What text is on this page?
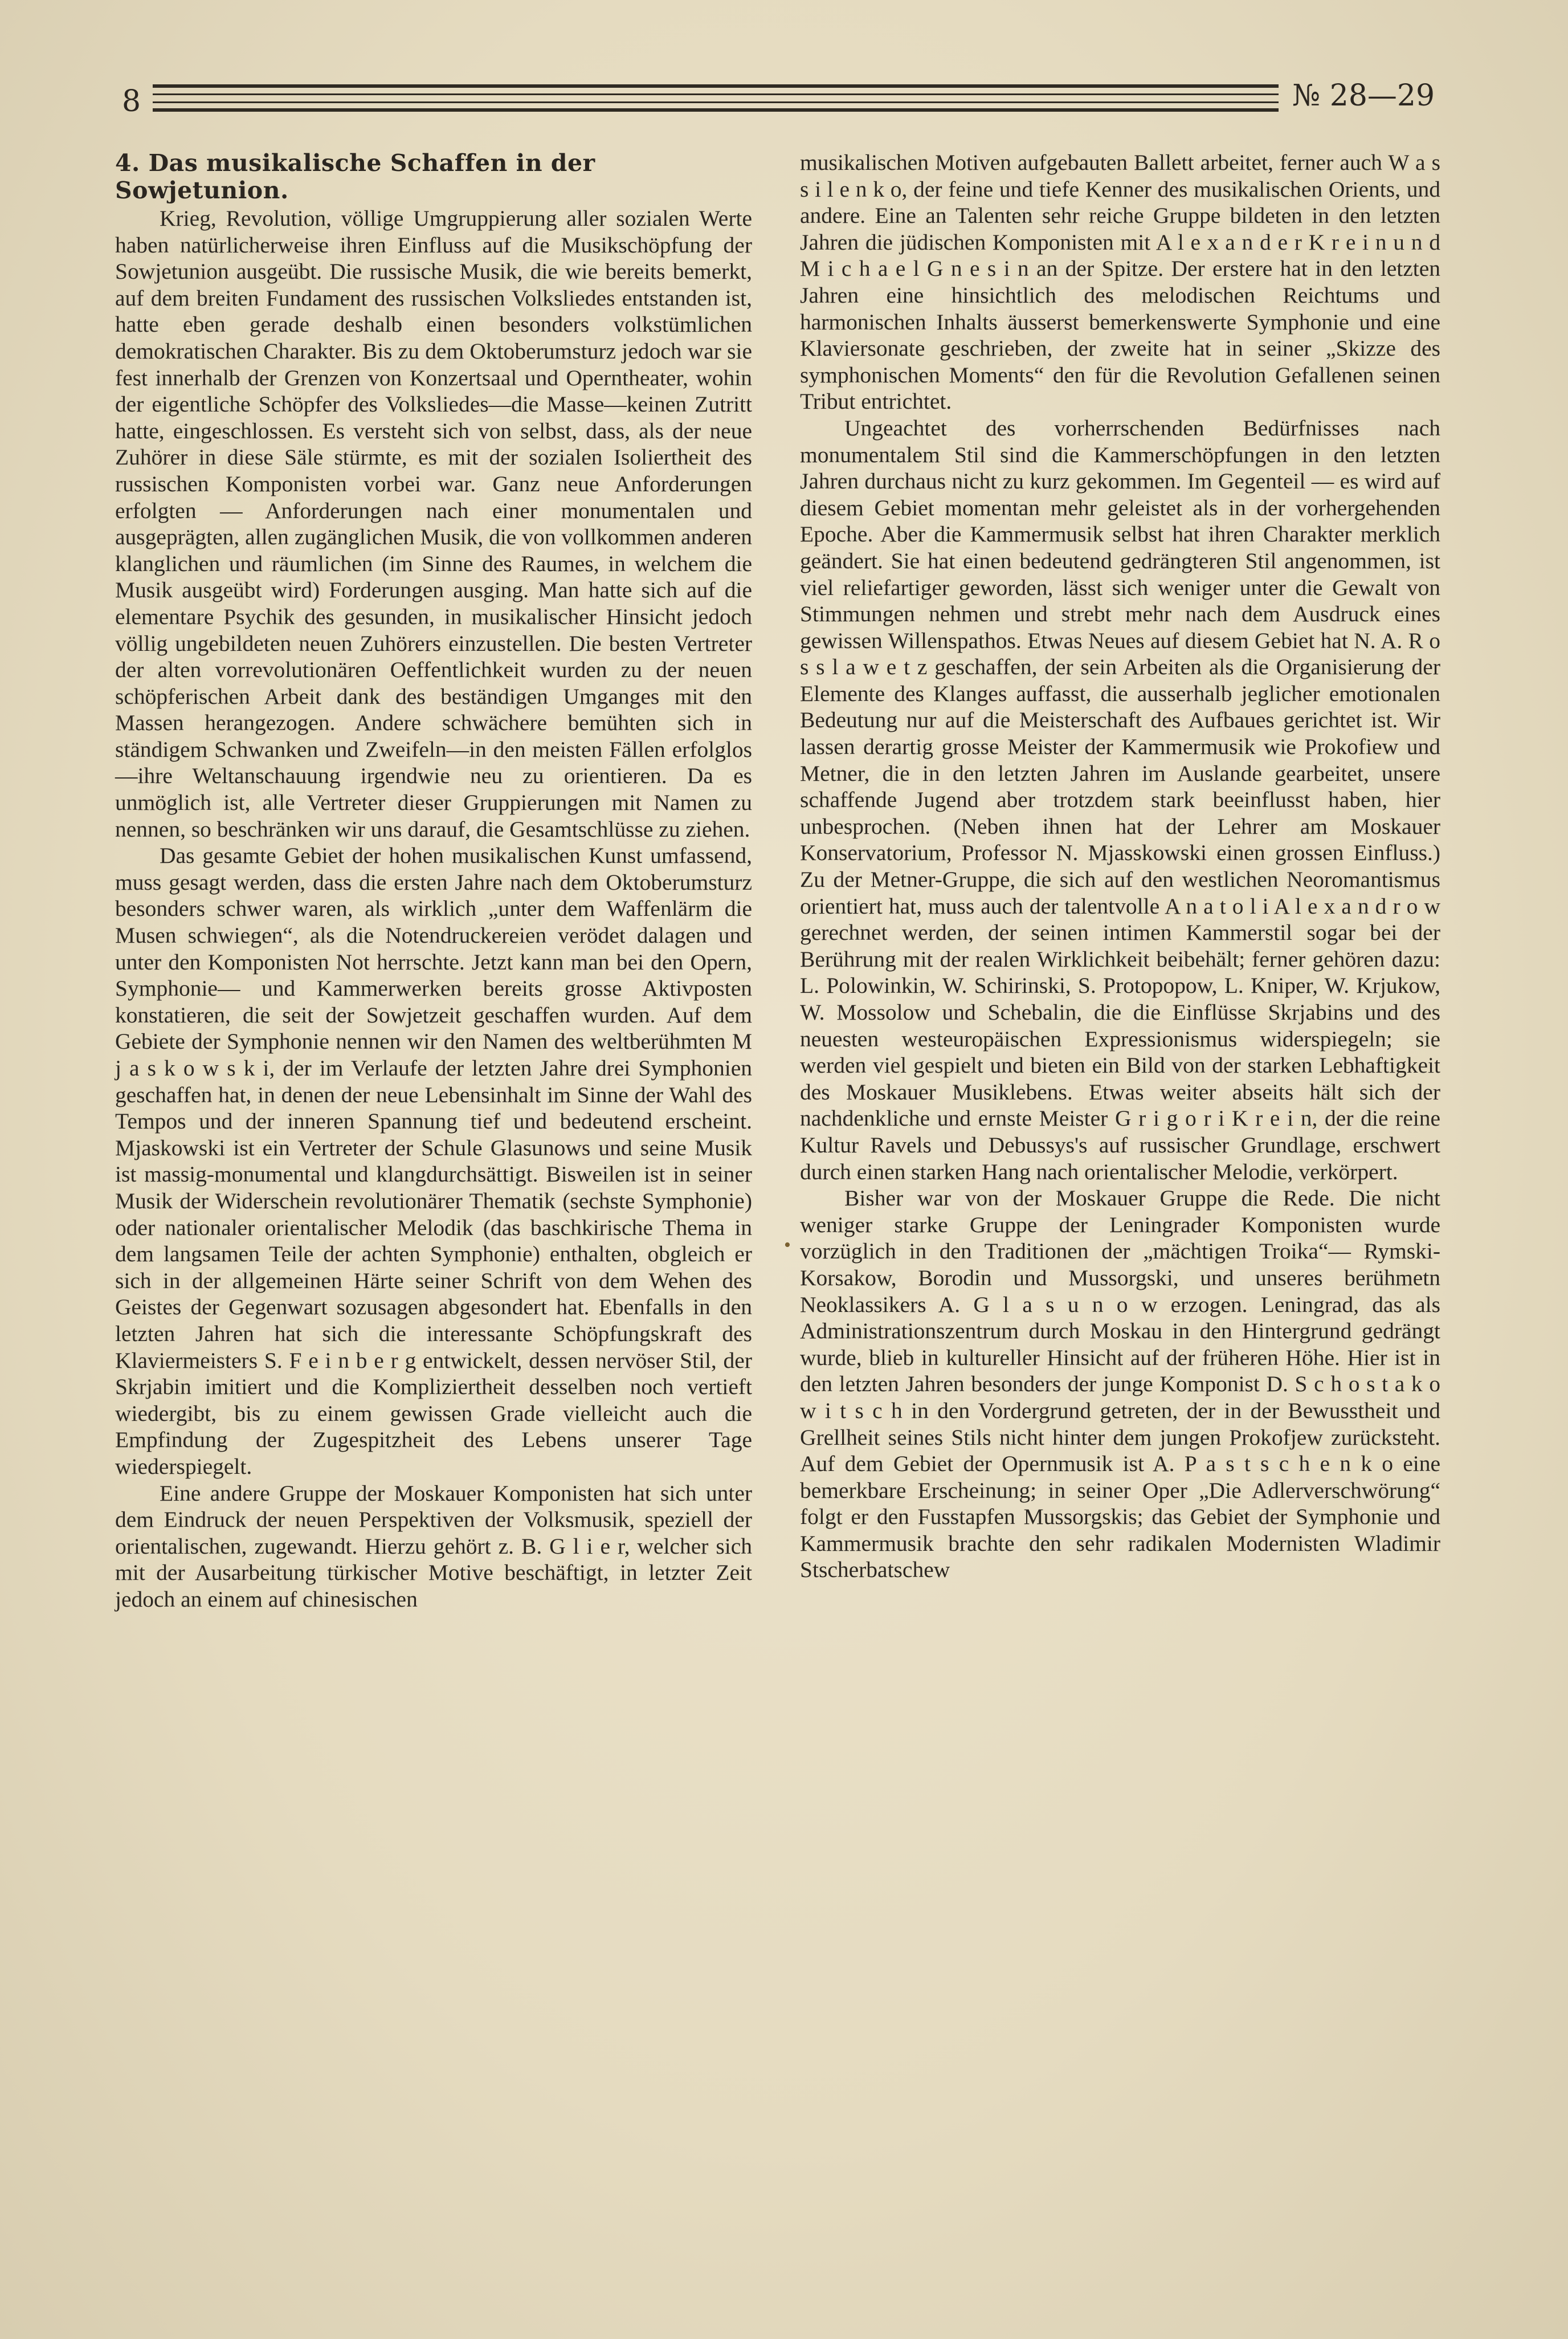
8	№ 28—29
4. Das musikalische Schaffen in der Sowjetunion.

Krieg, Revolution, völlige Umgruppierung aller sozialen Werte haben natürlicherweise ihren Einfluss auf die Musikschöpfung der Sowjetunion ausgeübt. Die russische Musik, die wie bereits bemerkt, auf dem breiten Fundament des russischen Volksliedes entstanden ist, hatte eben gerade deshalb einen besonders volkstümlichen demokratischen Charakter. Bis zu dem Oktoberumsturz jedoch war sie fest innerhalb der Grenzen von Konzertsaal und Operntheater, wohin der eigentliche Schöpfer des Volksliedes—die Masse—keinen Zutritt hatte, eingeschlossen. Es versteht sich von selbst, dass, als der neue Zuhörer in diese Säle stürmte, es mit der sozialen Isoliertheit des russischen Komponisten vorbei war. Ganz neue Anforderungen erfolgten — Anforderungen nach einer monumentalen und ausgeprägten, allen zugänglichen Musik, die von vollkommen anderen klanglichen und räumlichen (im Sinne des Raumes, in welchem die Musik ausgeübt wird) Forderungen ausging. Man hatte sich auf die elementare Psychik des gesunden, in musikalischer Hinsicht jedoch völlig ungebildeten neuen Zuhörers einzustellen. Die besten Vertreter der alten vorrevolutionären Oeffentlichkeit wurden zu der neuen schöpferischen Arbeit dank des beständigen Umganges mit den Massen herangezogen. Andere schwächere bemühten sich in ständigem Schwanken und Zweifeln—in den meisten Fällen erfolglos—ihre Weltanschauung irgendwie neu zu orientieren. Da es unmöglich ist, alle Vertreter dieser Gruppierungen mit Namen zu nennen, so beschränken wir uns darauf, die Gesamtschlüsse zu ziehen.

Das gesamte Gebiet der hohen musikalischen Kunst umfassend, muss gesagt werden, dass die ersten Jahre nach dem Oktoberumsturz besonders schwer waren, als wirklich „unter dem Waffenlärm die Musen schwiegen“, als die Notendruckereien verödet dalagen und unter den Komponisten Not herrschte. Jetzt kann man bei den Opern, Symphonie— und Kammerwerken bereits grosse Aktivposten konstatieren, die seit der Sowjetzeit geschaffen wurden. Auf dem Gebiete der Symphonie nennen wir den Namen des weltberühmten M j a s k o w s k i, der im Verlaufe der letzten Jahre drei Symphonien geschaffen hat, in denen der neue Lebensinhalt im Sinne der Wahl des Tempos und der inneren Spannung tief und bedeutend erscheint. Mjaskowski ist ein Vertreter der Schule Glasunows und seine Musik ist massig-monumental und klangdurchsättigt. Bisweilen ist in seiner Musik der Widerschein revolutionärer Thematik (sechste Symphonie) oder nationaler orientalischer Melodik (das baschkirische Thema in dem langsamen Teile der achten Symphonie) enthalten, obgleich er sich in der allgemeinen Härte seiner Schrift von dem Wehen des Geistes der Gegenwart sozusagen abgesondert hat. Ebenfalls in den letzten Jahren hat sich die interessante Schöpfungskraft des Klaviermeisters S. F e i n b e r g entwickelt, dessen nervöser Stil, der Skrjabin imitiert und die Kompliziertheit desselben noch vertieft wiedergibt, bis zu einem gewissen Grade vielleicht auch die Empfindung der Zugespitzheit des Lebens unserer Tage wiederspiegelt.

Eine andere Gruppe der Moskauer Komponisten hat sich unter dem Eindruck der neuen Perspektiven der Volksmusik, speziell der orientalischen, zugewandt. Hierzu gehört z. B. G l i e r, welcher sich mit der Ausarbeitung türkischer Motive beschäftigt, in letzter Zeit jedoch an einem auf chinesischen

musikalischen Motiven aufgebauten Ballett arbeitet, ferner auch W a s s i l e n k o, der feine und tiefe Kenner des musikalischen Orients, und andere. Eine an Talenten sehr reiche Gruppe bildeten in den letzten Jahren die jüdischen Komponisten mit A l e x a n d e r K r e i n u n d M i c h a e l G n e s i n an der Spitze. Der erstere hat in den letzten Jahren eine hinsichtlich des melodischen Reichtums und harmonischen Inhalts äusserst bemerkenswerte Symphonie und eine Klaviersonate geschrieben, der zweite hat in seiner „Skizze des symphonischen Moments“ den für die Revolution Gefallenen seinen Tribut entrichtet.

Ungeachtet des vorherrschenden Bedürfnisses nach monumentalem Stil sind die Kammerschöpfungen in den letzten Jahren durchaus nicht zu kurz gekommen. Im Gegenteil — es wird auf diesem Gebiet momentan mehr geleistet als in der vorhergehenden Epoche. Aber die Kammermusik selbst hat ihren Charakter merklich geändert. Sie hat einen bedeutend gedrängteren Stil angenommen, ist viel reliefartiger geworden, lässt sich weniger unter die Gewalt von Stimmungen nehmen und strebt mehr nach dem Ausdruck eines gewissen Willenspathos. Etwas Neues auf diesem Gebiet hat N. A. R o s s l a w e t z geschaffen, der sein Arbeiten als die Organisierung der Elemente des Klanges auffasst, die ausserhalb jeglicher emotionalen Bedeutung nur auf die Meisterschaft des Aufbaues gerichtet ist. Wir lassen derartig grosse Meister der Kammermusik wie Prokofiew und Metner, die in den letzten Jahren im Auslande gearbeitet, unsere schaffende Jugend aber trotzdem stark beeinflusst haben, hier unbesprochen. (Neben ihnen hat der Lehrer am Moskauer Konservatorium, Professor N. Mjasskowski einen grossen Einfluss.) Zu der Metner-Gruppe, die sich auf den westlichen Neoromantismus orientiert hat, muss auch der talentvolle A n a t o l i A l e x a n d r o w gerechnet werden, der seinen intimen Kammerstil sogar bei der Berührung mit der realen Wirklichkeit beibehält; ferner gehören dazu: L. Polowinkin, W. Schirinski, S. Protopopow, L. Kniper, W. Krjukow, W. Mossolow und Schebalin, die die Einflüsse Skrjabins und des neuesten westeuropäischen Expressionismus widerspiegeln; sie werden viel gespielt und bieten ein Bild von der starken Lebhaftigkeit des Moskauer Musiklebens. Etwas weiter abseits hält sich der nachdenkliche und ernste Meister G r i g o r i K r e i n, der die reine Kultur Ravels und Debussys's auf russischer Grundlage, erschwert durch einen starken Hang nach orientalischer Melodie, verkörpert.

Bisher war von der Moskauer Gruppe die Rede. Die nicht weniger starke Gruppe der Leningrader Komponisten wurde vorzüglich in den Traditionen der „mächtigen Troika“— Rymski-Korsakow, Borodin und Mussorgski, und unseres berühmetn Neoklassikers A. G l a s u n o w erzogen. Leningrad, das als Administrationszentrum durch Moskau in den Hintergrund gedrängt wurde, blieb in kultureller Hinsicht auf der früheren Höhe. Hier ist in den letzten Jahren besonders der junge Komponist D. S c h o s t a k o w i t s c h in den Vordergrund getreten, der in der Bewusstheit und Grellheit seines Stils nicht hinter dem jungen Prokofjew zurücksteht. Auf dem Gebiet der Opernmusik ist A. P a s t s c h e n k o eine bemerkbare Erscheinung; in seiner Oper „Die Adlerverschwörung“ folgt er den Fusstapfen Mussorgskis; das Gebiet der Symphonie und Kammermusik brachte den sehr radikalen Modernisten Wladimir Stscherbatschew

•
